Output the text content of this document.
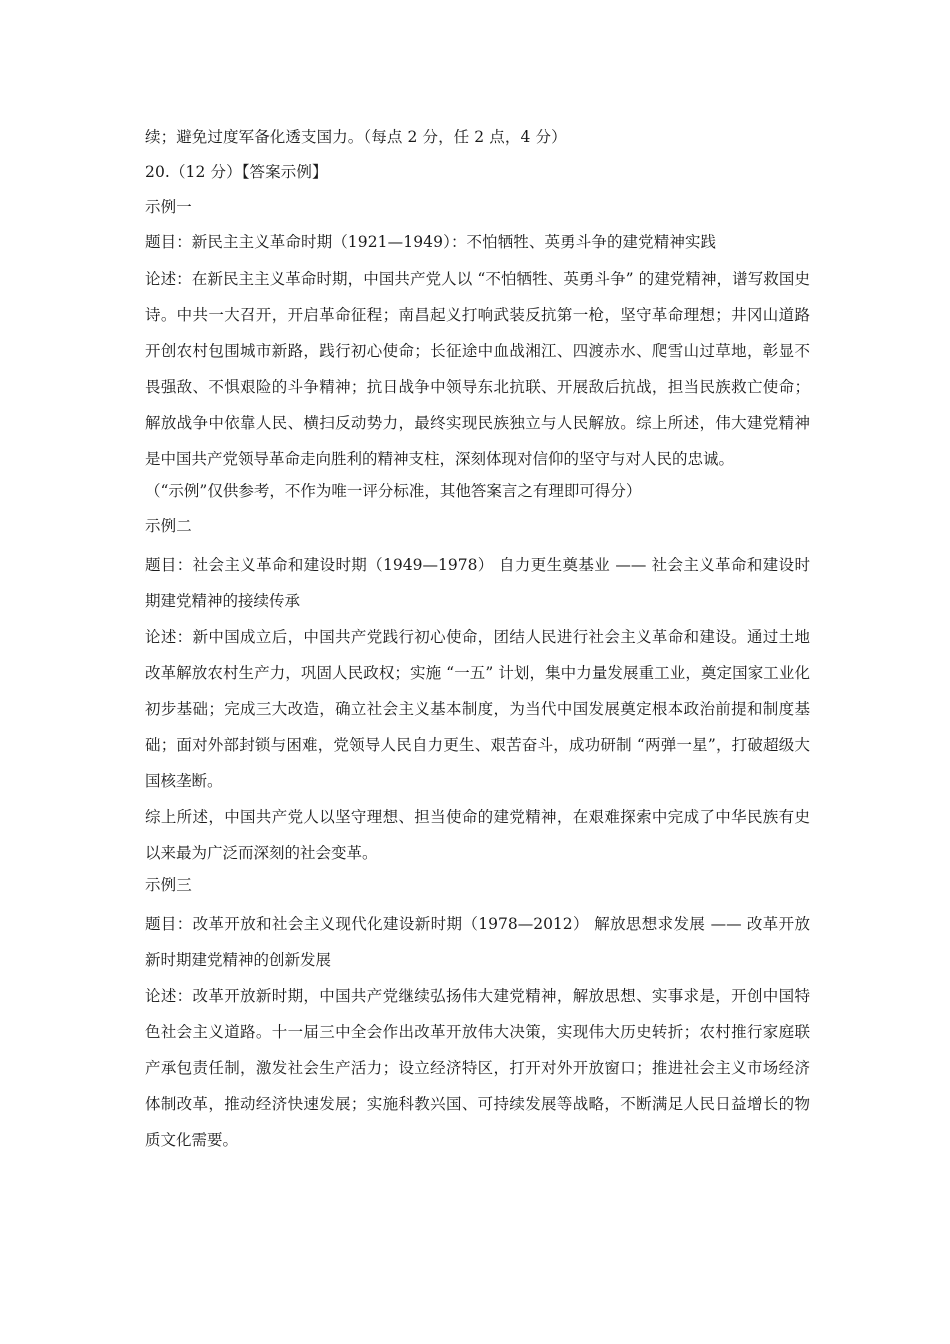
续；避免过度军备化透支国力。（每点 2 分，任 2 点，4 分）
20.（12 分）【答案示例】
示例一
题目：新民主主义革命时期（1921—1949）：不怕牺牲、英勇斗争的建党精神实践
论述：在新民主主义革命时期，中国共产党人以 “不怕牺牲、英勇斗争” 的建党精神，谱写救国史诗。中共一大召开，开启革命征程；南昌起义打响武装反抗第一枪，坚守革命理想；井冈山道路开创农村包围城市新路，践行初心使命；长征途中血战湘江、四渡赤水、爬雪山过草地，彰显不畏强敌、不惧艰险的斗争精神；抗日战争中领导东北抗联、开展敌后抗战，担当民族救亡使命；解放战争中依靠人民、横扫反动势力，最终实现民族独立与人民解放。综上所述，伟大建党精神是中国共产党领导革命走向胜利的精神支柱，深刻体现对信仰的坚守与对人民的忠诚。
（“示例”仅供参考，不作为唯一评分标准，其他答案言之有理即可得分）
示例二
题目：社会主义革命和建设时期（1949—1978） 自力更生奠基业 —— 社会主义革命和建设时期建党精神的接续传承
论述：新中国成立后，中国共产党践行初心使命，团结人民进行社会主义革命和建设。通过土地改革解放农村生产力，巩固人民政权；实施 “一五” 计划，集中力量发展重工业，奠定国家工业化初步基础；完成三大改造，确立社会主义基本制度，为当代中国发展奠定根本政治前提和制度基础；面对外部封锁与困难，党领导人民自力更生、艰苦奋斗，成功研制 “两弹一星”，打破超级大国核垄断。
综上所述，中国共产党人以坚守理想、担当使命的建党精神，在艰难探索中完成了中华民族有史以来最为广泛而深刻的社会变革。
示例三
题目：改革开放和社会主义现代化建设新时期（1978—2012） 解放思想求发展 —— 改革开放新时期建党精神的创新发展
论述：改革开放新时期，中国共产党继续弘扬伟大建党精神，解放思想、实事求是，开创中国特色社会主义道路。十一届三中全会作出改革开放伟大决策，实现伟大历史转折；农村推行家庭联产承包责任制，激发社会生产活力；设立经济特区，打开对外开放窗口；推进社会主义市场经济体制改革，推动经济快速发展；实施科教兴国、可持续发展等战略，不断满足人民日益增长的物质文化需要。
